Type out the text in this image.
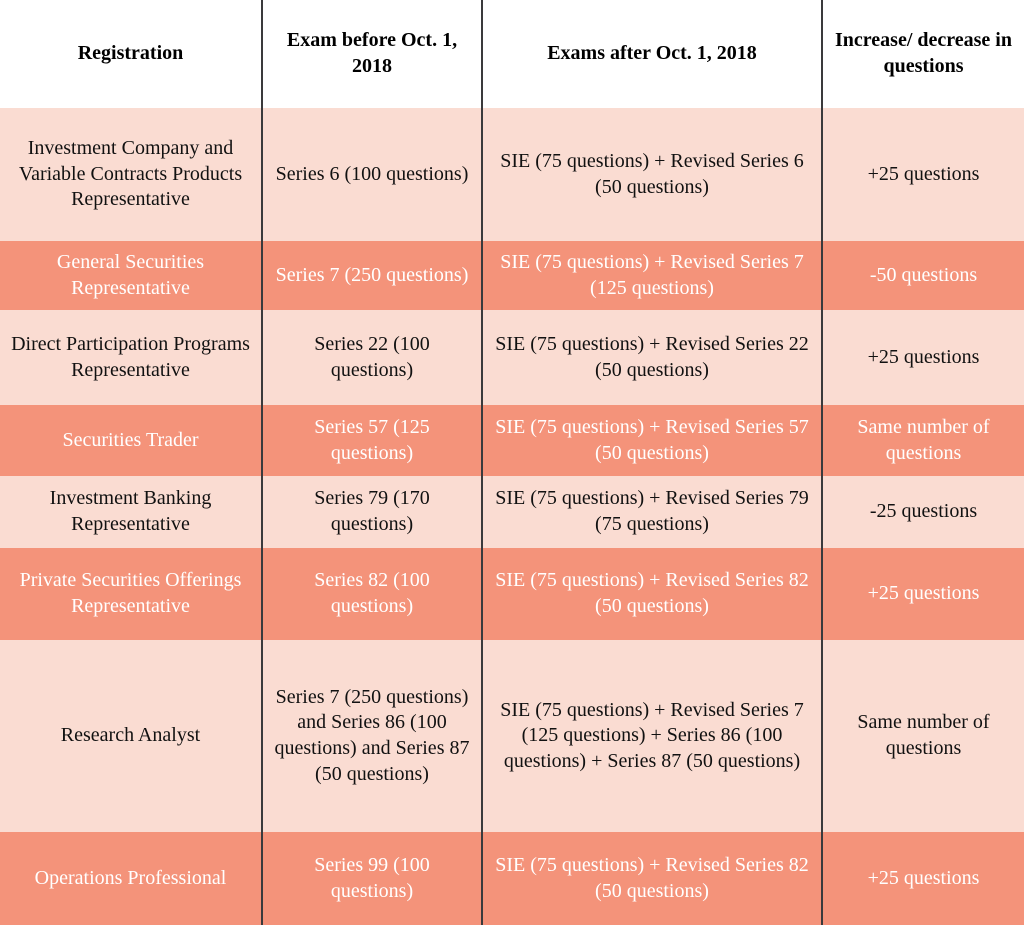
Registration	Exam before Oct. 1, 2018	Exams after Oct. 1, 2018	Increase/ decrease in questions
Investment Company and Variable Contracts Products Representative	Series 6 (100 questions)	SIE (75 questions) + Revised Series 6 (50 questions)	+25 questions
General Securities Representative	Series 7 (250 questions)	SIE (75 questions) + Revised Series 7 (125 questions)	-50 questions
Direct Participation Programs Representative	Series 22 (100 questions)	SIE (75 questions) + Revised Series 22 (50 questions)	+25 questions
Securities Trader	Series 57 (125 questions)	SIE (75 questions) + Revised Series 57 (50 questions)	Same number of questions
Investment Banking Representative	Series 79 (170 questions)	SIE (75 questions) + Revised Series 79 (75 questions)	-25 questions
Private Securities Offerings Representative	Series 82 (100 questions)	SIE (75 questions) + Revised Series 82 (50 questions)	+25 questions
Research Analyst	Series 7 (250 questions) and Series 86 (100 questions) and Series 87 (50 questions)	SIE (75 questions) + Revised Series 7 (125 questions) + Series 86 (100 questions) + Series 87 (50 questions)	Same number of questions
Operations Professional	Series 99 (100 questions)	SIE (75 questions) + Revised Series 82 (50 questions)	+25 questions
